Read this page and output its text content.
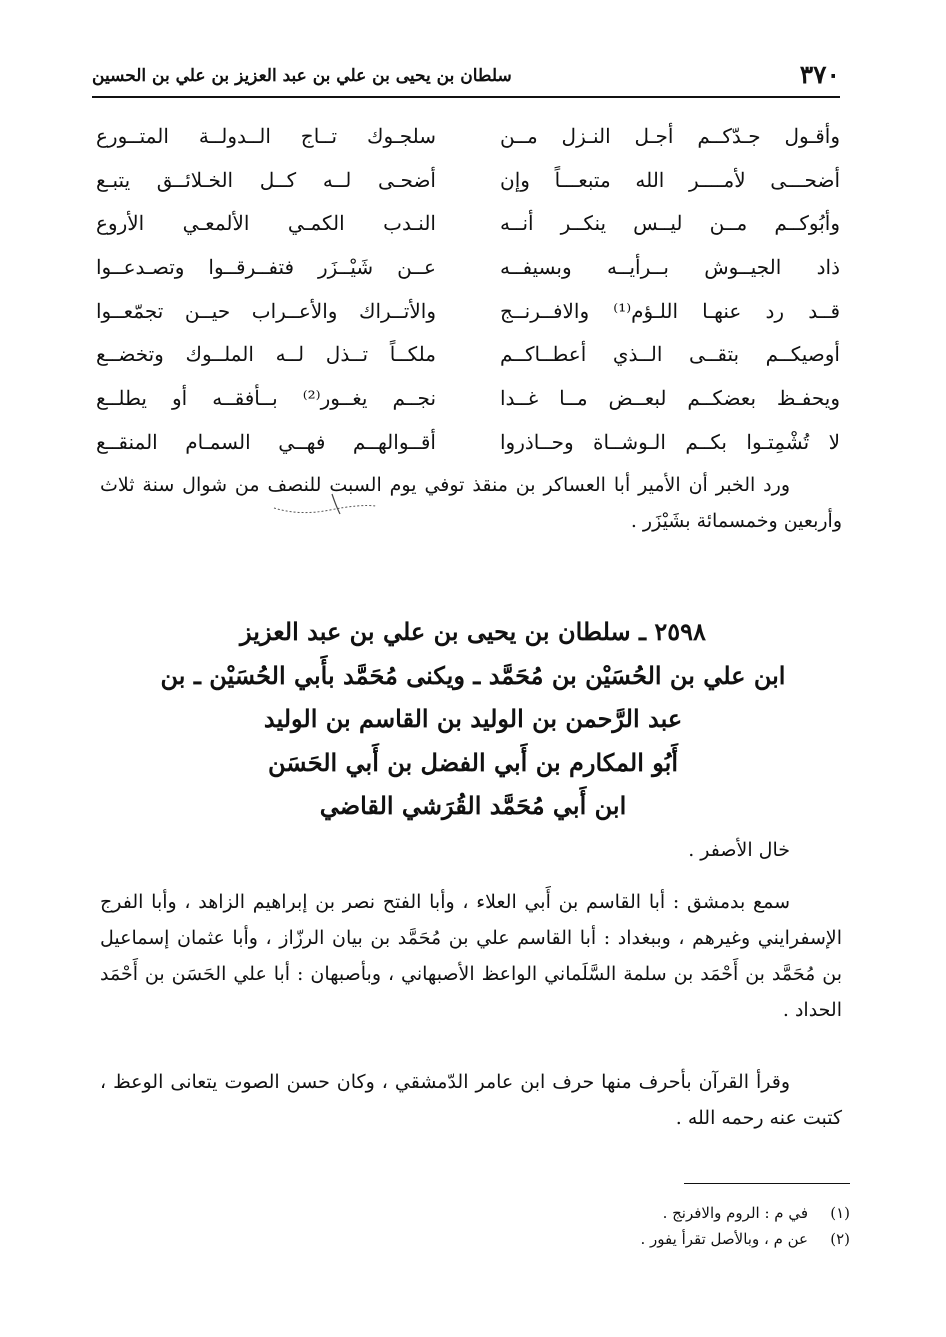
٣٧٠
سلطان بن يحيى بن علي بن عبد العزيز بن علي بن الحسين
وأقـول جـدّكــم أجـل النـزل مــن
سلجـوك تــاج الــدولــة المتــورع
أضحـــى لأمــــر الله متبعـــاً وإن
أضحـى لــه كــل الخـلائــق يتبـع
وأبُوكــم مــن ليــس ينكــر أنــه
النـدب الكمـي الألمعـي الأروع
ذاد الجيــوش بــرأيــه وبسيفــه
عــن شَيْــزَر فتفــرقــوا وتصـدعــوا
قــد رد عنهـا اللـؤم⁽¹⁾ والافــرنــج
والأتــراك والأعــراب حيــن تجمّعــوا
أوصيكــم بتقــى الــذي أعطــاكــم
ملكــاً تــذل لــه الملــوك وتخضــع
ويحفـظ بعضكــم لبعــض مــا غــدا
نجــم يغــور⁽²⁾ بــأفقــه أو يطلــع
لا تُشْمِتـوا بكــم الـوشــاة وحــاذروا
أقــوالهــم فهــي السمـام المنقــع

ورد الخبر أن الأمير أبا العساكر بن منقذ توفي يوم السبت للنصف من شوال سنة ثلاث وأربعين وخمسمائة بشَيْزَر .

٢٥٩٨ ـ سلطان بن يحيى بن علي بن عبد العزيز
ابن علي بن الحُسَيْن بن مُحَمَّد ـ ويكنى مُحَمَّد بأَبي الحُسَيْن ـ بن
عبد الرَّحمن بن الوليد بن القاسم بن الوليد
أَبُو المكارم بن أَبي الفضل بن أَبي الحَسَن
ابن أَبي مُحَمَّد القُرَشي القاضي

خال الأصفر .

سمع بدمشق : أبا القاسم بن أَبي العلاء ، وأبا الفتح نصر بن إبراهيم الزاهد ، وأبا الفرج الإسفرايني وغيرهم ، وببغداد : أبا القاسم علي بن مُحَمَّد بن بيان الرزّاز ، وأبا عثمان إسماعيل بن مُحَمَّد بن أَحْمَد بن سلمة السَّلَماني الواعظ الأصبهاني ، وبأصبهان : أبا علي الحَسَن بن أَحْمَد الحداد .

وقرأ القرآن بأحرف منها حرف ابن عامر الدّمشقي ، وكان حسن الصوت يتعانى الوعظ ، كتبت عنه رحمه الله .

(١)
في م : الروم والافرنج .
(٢)
عن م ، وبالأصل تقرأ يفور .
